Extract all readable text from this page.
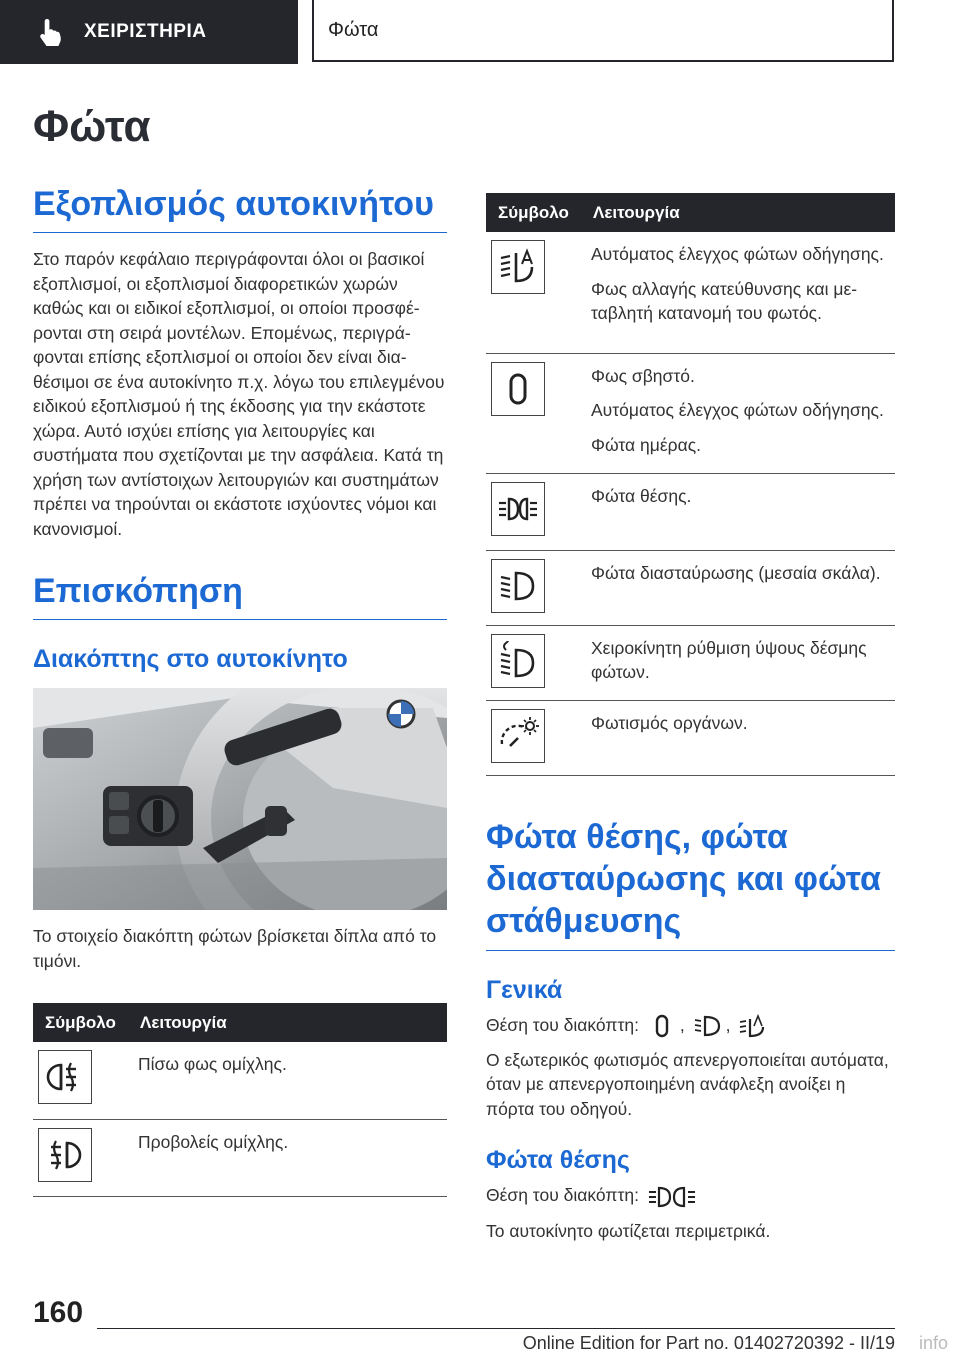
ΧΕΙΡΙΣΤΗΡΙΑ	Φώτα
Φώτα
Εξοπλισμός αυτοκινήτου

Στο παρόν κεφάλαιο περιγράφονται όλοι οι βασικοί εξοπλισμοί, οι εξοπλισμοί διαφορετικών χωρών καθώς και οι ειδικοί εξοπλισμοί, οι οποίοι προσφέρονται στη σειρά μοντέλων. Επομένως, περιγράφονται επίσης εξοπλισμοί οι οποίοι δεν είναι διαθέσιμοι σε ένα αυτοκίνητο π.χ. λόγω του επιλεγμένου ειδικού εξοπλισμού ή της έκδοσης για την εκάστοτε χώρα. Αυτό ισχύει επίσης για λειτουργίες και συστήματα που σχετίζονται με την ασφάλεια. Κατά τη χρήση των αντίστοιχων λειτουργιών και συστημάτων πρέπει να τηρούνται οι εκάστοτε ισχύοντες νόμοι και κανονισμοί.

Επισκόπηση
Διακόπτης στο αυτοκίνητο

Το στοιχείο διακόπτη φώτων βρίσκεται δίπλα από το τιμόνι.

Σύμβολο	Λειτουργία

Πίσω φως ομίχλης.

Προβολείς ομίχλης.
Σύμβολο	Λειτουργία

Αυτόματος έλεγχος φώτων οδήγησης.
Φως αλλαγής κατεύθυνσης και μεταβλητή κατανομή του φωτός.

Φως σβηστό.
Αυτόματος έλεγχος φώτων οδήγησης.
Φώτα ημέρας.

Φώτα θέσης.

Φώτα διασταύρωσης (μεσαία σκάλα).

Χειροκίνητη ρύθμιση ύψους δέσμης φώτων.

Φωτισμός οργάνων.
Φώτα θέσης, φώτα διασταύρωσης και φώτα στάθμευσης
Γενικά

Θέση του διακόπτη: , ,

Ο εξωτερικός φωτισμός απενεργοποιείται αυτόματα, όταν με απενεργοποιημένη ανάφλεξη ανοίξει η πόρτα του οδηγού.

Φώτα θέσης

Θέση του διακόπτη:

Το αυτοκίνητο φωτίζεται περιμετρικά.

160
Online Edition for Part no. 01402720392 - II/19 info
